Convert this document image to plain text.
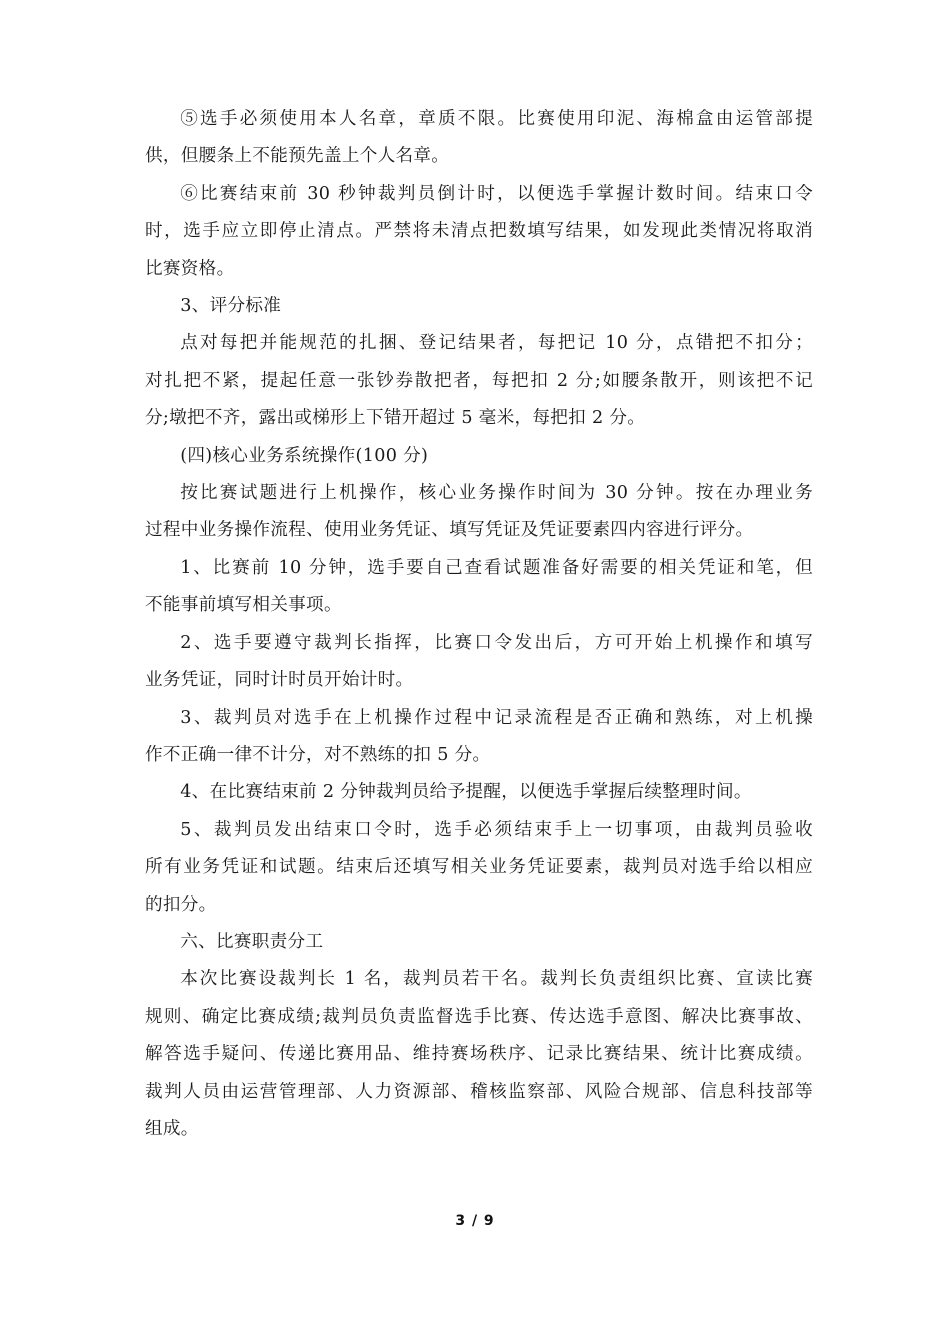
⑤选手必须使用本人名章，章质不限。比赛使用印泥、海棉盒由运管部提
供，但腰条上不能预先盖上个人名章。

⑥比赛结束前 30 秒钟裁判员倒计时，以便选手掌握计数时间。结束口令
时，选手应立即停止清点。严禁将未清点把数填写结果，如发现此类情况将取消
比赛资格。

3、评分标准

点对每把并能规范的扎捆、登记结果者，每把记 10 分，点错把不扣分；
对扎把不紧，提起任意一张钞券散把者，每把扣 2 分;如腰条散开，则该把不记
分;墩把不齐，露出或梯形上下错开超过 5 毫米，每把扣 2 分。

(四)核心业务系统操作(100 分)

按比赛试题进行上机操作，核心业务操作时间为 30 分钟。按在办理业务
过程中业务操作流程、使用业务凭证、填写凭证及凭证要素四内容进行评分。

1、比赛前 10 分钟，选手要自己查看试题准备好需要的相关凭证和笔，但
不能事前填写相关事项。

2、选手要遵守裁判长指挥，比赛口令发出后，方可开始上机操作和填写
业务凭证，同时计时员开始计时。

3、裁判员对选手在上机操作过程中记录流程是否正确和熟练，对上机操
作不正确一律不计分，对不熟练的扣 5 分。

4、在比赛结束前 2 分钟裁判员给予提醒，以便选手掌握后续整理时间。

5、裁判员发出结束口令时，选手必须结束手上一切事项，由裁判员验收
所有业务凭证和试题。结束后还填写相关业务凭证要素，裁判员对选手给以相应
的扣分。

六、比赛职责分工

本次比赛设裁判长 1 名，裁判员若干名。裁判长负责组织比赛、宣读比赛
规则、确定比赛成绩;裁判员负责监督选手比赛、传达选手意图、解决比赛事故、
解答选手疑问、传递比赛用品、维持赛场秩序、记录比赛结果、统计比赛成绩。
裁判人员由运营管理部、人力资源部、稽核监察部、风险合规部、信息科技部等
组成。

3 / 9
